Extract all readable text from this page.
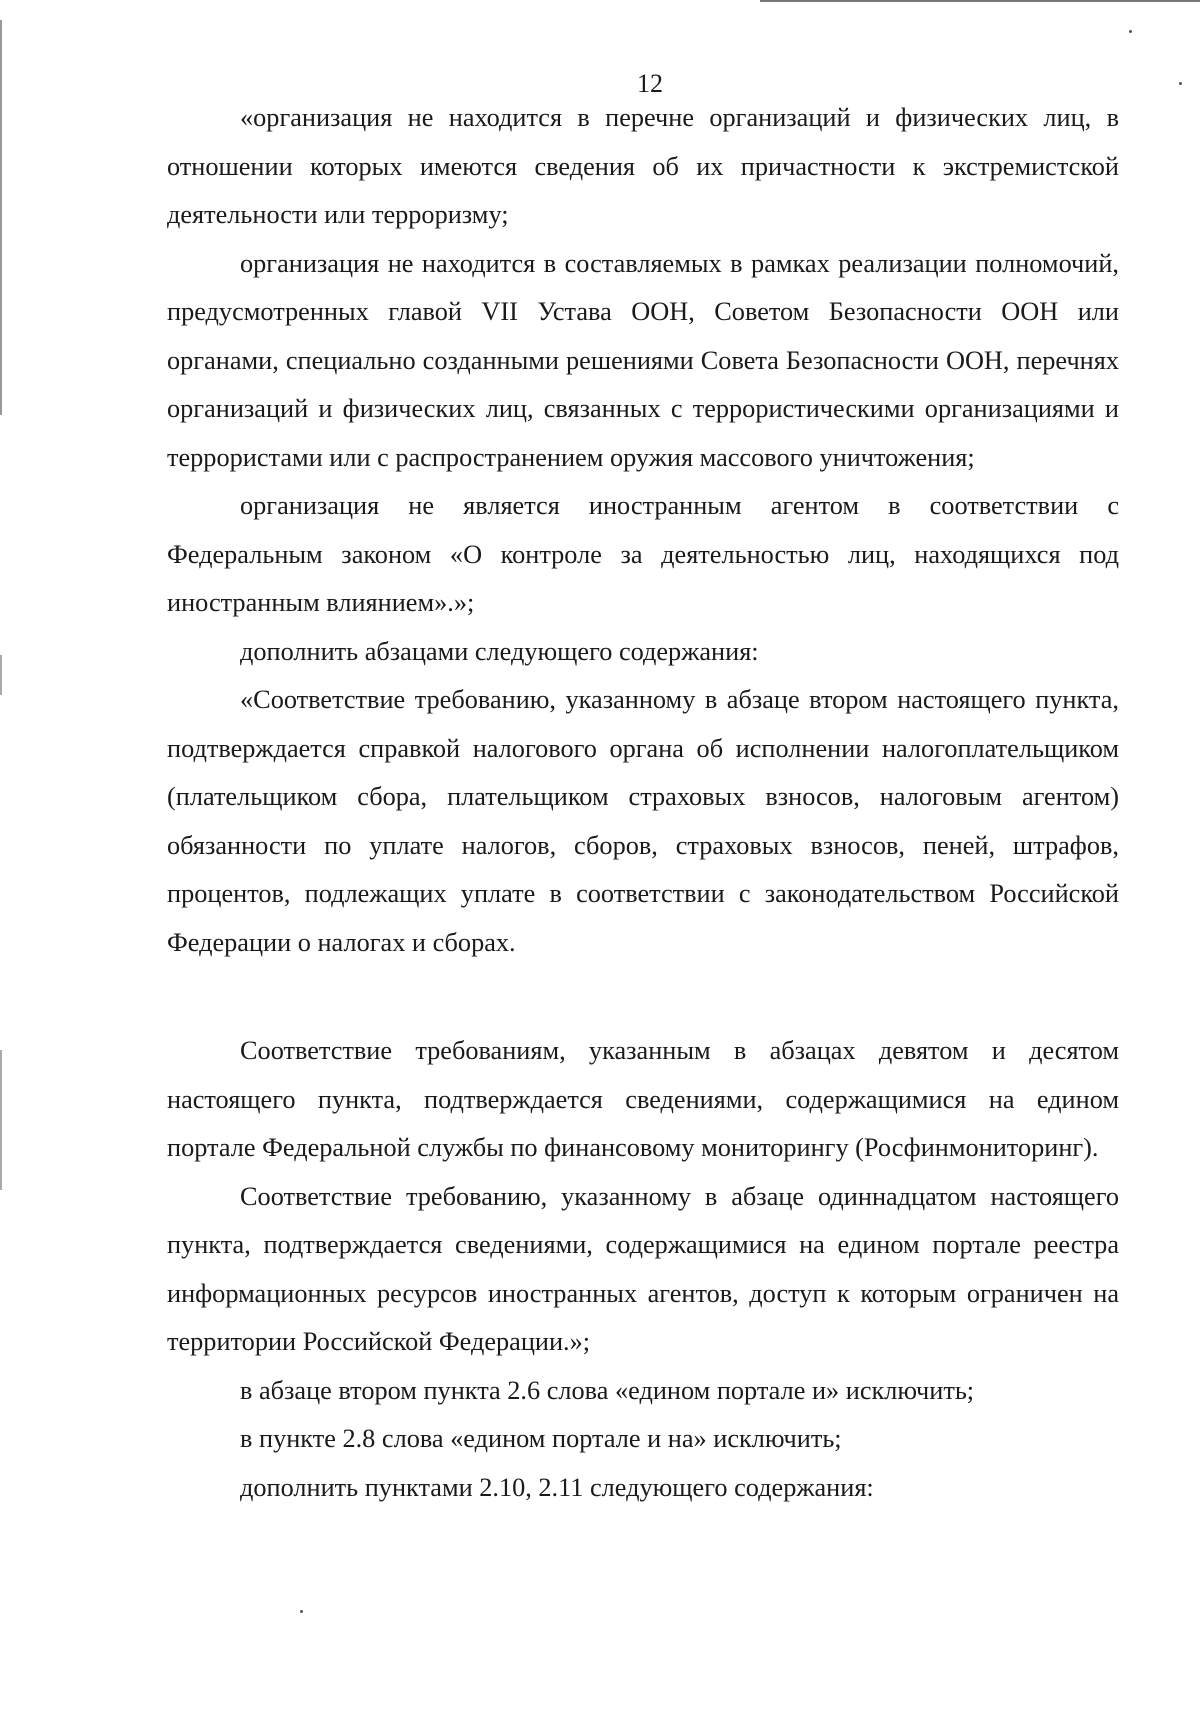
12

«организация не находится в перечне организаций и физических лиц, в отношении которых имеются сведения об их причастности к экстремистской деятельности или терроризму;

организация не находится в составляемых в рамках реализации полномочий, предусмотренных главой VII Устава ООН, Советом Безопасности ООН или органами, специально созданными решениями Совета Безопасности ООН, перечнях организаций и физических лиц, связанных с террористическими организациями и террористами или с распространением оружия массового уничтожения;

организация не является иностранным агентом в соответствии с Федеральным законом «О контроле за деятельностью лиц, находящихся под иностранным влиянием».»;

дополнить абзацами следующего содержания:

«Соответствие требованию, указанному в абзаце втором настоящего пункта, подтверждается справкой налогового органа об исполнении налогоплательщиком (плательщиком сбора, плательщиком страховых взносов, налоговым агентом) обязанности по уплате налогов, сборов, страховых взносов, пеней, штрафов, процентов, подлежащих уплате в соответствии с законодательством Российской Федерации о налогах и сборах.

Соответствие требованиям, указанным в абзацах девятом и десятом настоящего пункта, подтверждается сведениями, содержащимися на едином портале Федеральной службы по финансовому мониторингу (Росфинмониторинг).

Соответствие требованию, указанному в абзаце одиннадцатом настоящего пункта, подтверждается сведениями, содержащимися на едином портале реестра информационных ресурсов иностранных агентов, доступ к которым ограничен на территории Российской Федерации.»;

в абзаце втором пункта 2.6 слова «едином портале и» исключить;

в пункте 2.8 слова «едином портале и на» исключить;

дополнить пунктами 2.10, 2.11 следующего содержания:
